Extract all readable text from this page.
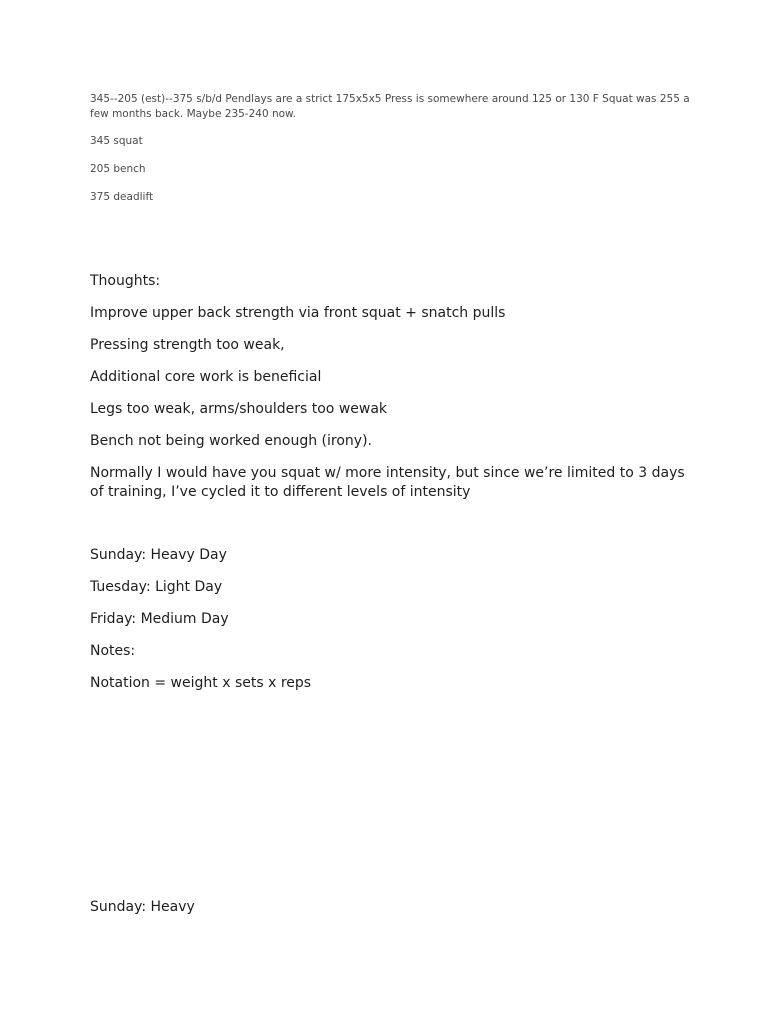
345--205 (est)--375 s/b/d Pendlays are a strict 175x5x5 Press is somewhere around 125 or 130 F Squat was 255 a few months back. Maybe 235-240 now.

345 squat

205 bench

375 deadlift

Thoughts:

Improve upper back strength via front squat + snatch pulls

Pressing strength too weak,

Additional core work is beneficial

Legs too weak, arms/shoulders too wewak

Bench not being worked enough (irony).

Normally I would have you squat w/ more intensity, but since we’re limited to 3 days of training, I’ve cycled it to different levels of intensity

Sunday: Heavy Day

Tuesday: Light Day

Friday: Medium Day

Notes:

Notation = weight x sets x reps

Sunday: Heavy
